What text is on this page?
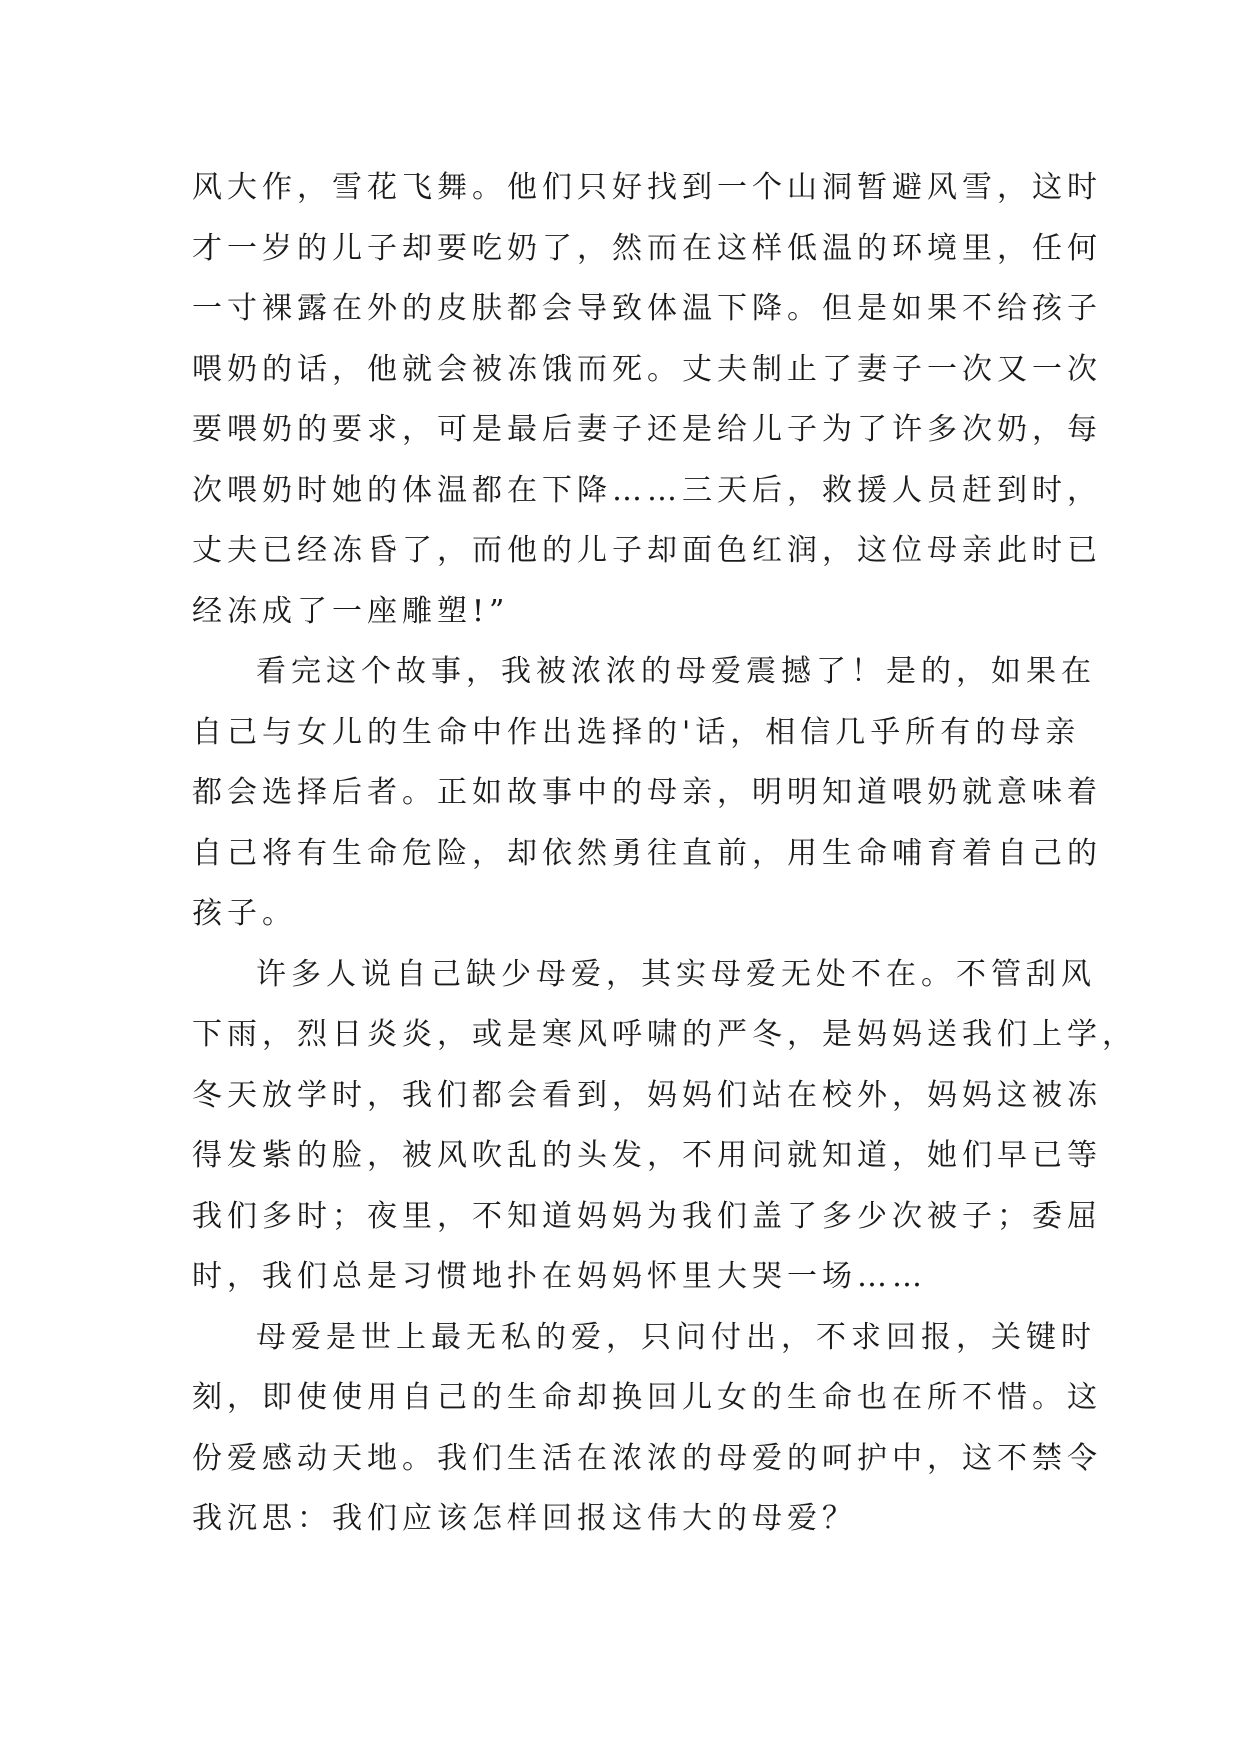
风大作，雪花飞舞。他们只好找到一个山洞暂避风雪，这时
才一岁的儿子却要吃奶了，然而在这样低温的环境里，任何
一寸裸露在外的皮肤都会导致体温下降。但是如果不给孩子
喂奶的话，他就会被冻饿而死。丈夫制止了妻子一次又一次
要喂奶的要求，可是最后妻子还是给儿子为了许多次奶，每
次喂奶时她的体温都在下降……三天后，救援人员赶到时，
丈夫已经冻昏了，而他的儿子却面色红润，这位母亲此时已
经冻成了一座雕塑!”
看完这个故事，我被浓浓的母爱震撼了！是的，如果在
自己与女儿的生命中作出选择的'话，相信几乎所有的母亲
都会选择后者。正如故事中的母亲，明明知道喂奶就意味着
自己将有生命危险，却依然勇往直前，用生命哺育着自己的
孩子。
许多人说自己缺少母爱，其实母爱无处不在。不管刮风
下雨，烈日炎炎，或是寒风呼啸的严冬，是妈妈送我们上学，
冬天放学时，我们都会看到，妈妈们站在校外，妈妈这被冻
得发紫的脸，被风吹乱的头发，不用问就知道，她们早已等
我们多时；夜里，不知道妈妈为我们盖了多少次被子；委屈
时，我们总是习惯地扑在妈妈怀里大哭一场……
母爱是世上最无私的爱，只问付出，不求回报，关键时
刻，即使使用自己的生命却换回儿女的生命也在所不惜。这
份爱感动天地。我们生活在浓浓的母爱的呵护中，这不禁令
我沉思：我们应该怎样回报这伟大的母爱？
